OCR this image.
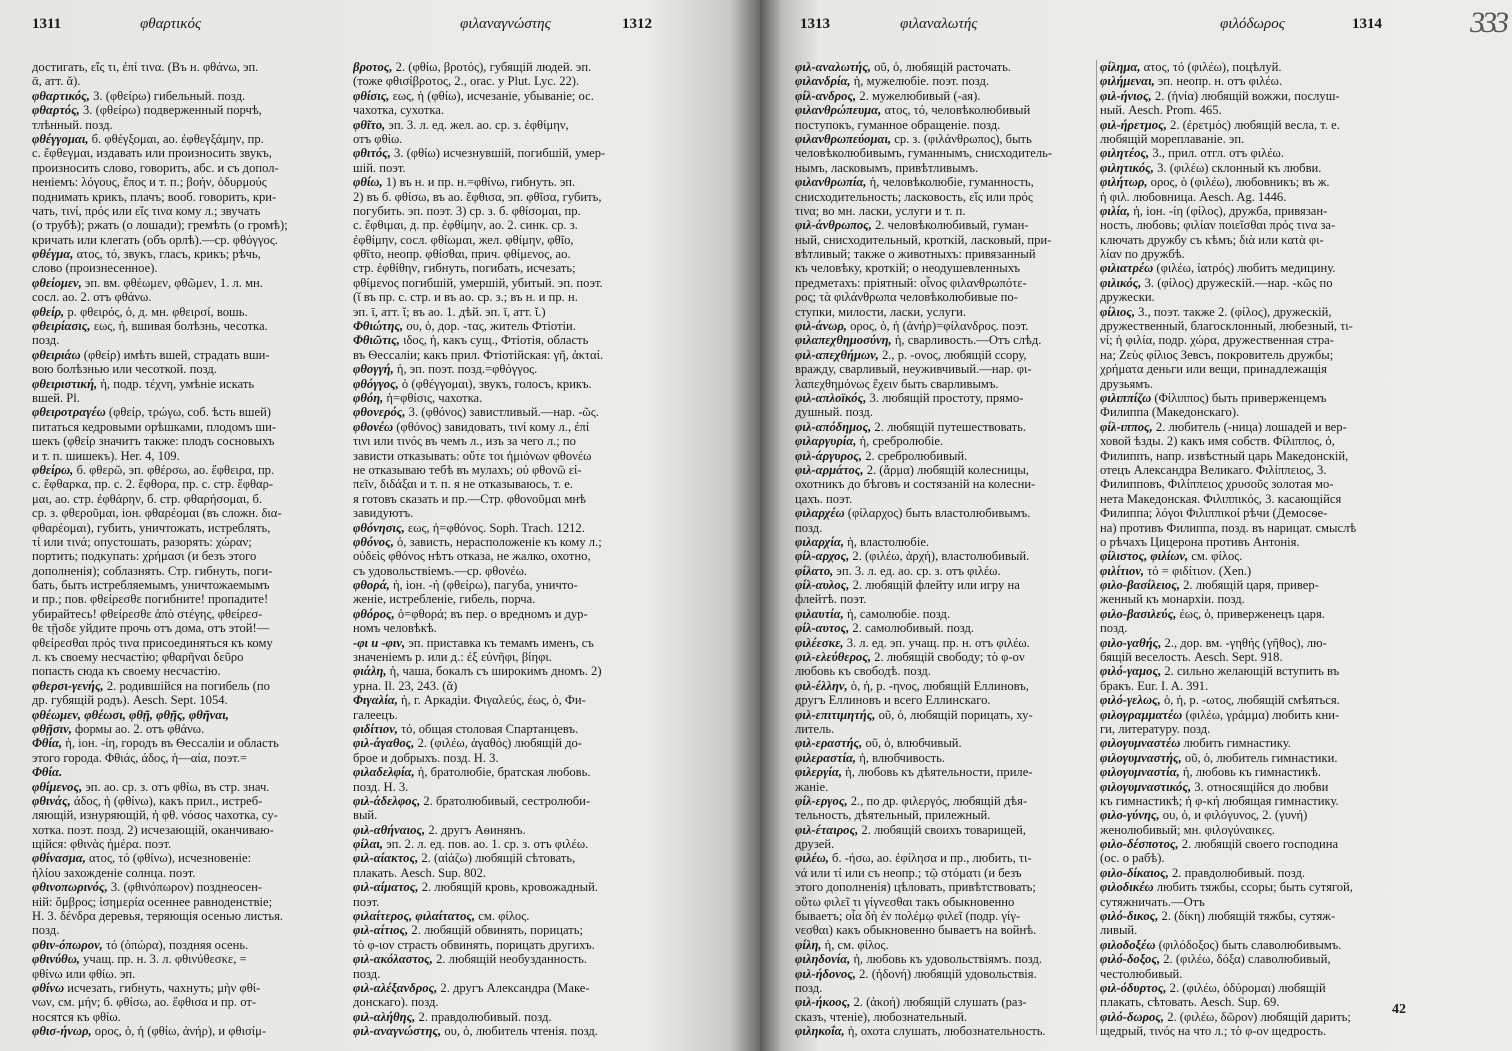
1311	φθαρτικός	φιλαναγνώστης	1312
достигать, εἴς τι, ἐπί τινα. (Въ н. φθάνω, эп.
ᾱ, атт. ᾰ).
φθαρτικός, 3. (φθείρω) гибельный. позд.
φθαρτός, 3. (φθείρω) подверженный порчѣ,
тлѣнный. позд.
φθέγγομαι, б. φθέγξομαι, ао. ἐφθεγξάμην, пр.
с. ἔφθεγμαι, издавать или произносить звукъ,
произносить слово, говорить, абс. и съ допол-
неніемъ: λόγους, ἔπος и т. п.; βοήν, ὀδυρμούς
поднимать крикъ, плачъ; вооб. говорить, кри-
чать, τινί, πρός или εἴς τινα кому л.; звучать
(о трубѣ); ржать (о лошади); гремѣть (о громѣ);
кричать или клегать (объ орлѣ).—ср. φθόγγος.
φθέγμα, ατος, τό, звукъ, гласъ, крикъ; рѣчь,
слово (произнесенное).
φθείομεν, эп. вм. φθέωμεν, φθῶμεν, 1. л. мн.
сосл. ао. 2. отъ φθάνω.
φθείρ, р. φθειρός, ὁ, д. мн. φθειρσί, вошь.
φθειρίασις, εως, ἡ, вшивая болѣзнь, чесотка.
позд.
φθειριάω (φθείρ) имѣть вшей, страдать вши-
вою болѣзнью или чесоткой. позд.
φθειριστική, ἡ, подр. τέχνη, умѣніе искать
вшей. Pl.
φθειροτραγέω (φθείρ, τρώγω, соб. ѣсть вшей)
питаться кедровыми орѣшками, плодомъ ши-
шекъ (φθείρ значитъ также: плодъ сосновыхъ
и т. п. шишекъ). Her. 4, 109.
φθείρω, б. φθερῶ, эп. φθέρσω, ао. ἔφθειρα, пр.
с. ἔφθαρκα, пр. с. 2. ἔφθορα, пр. с. стр. ἔφθαρ-
μαι, ао. стр. ἐφθάρην, б. стр. φθαρήσομαι, б.
ср. з. φθεροῦμαι, іон. φθαρέομαι (въ сложн. δια-
φθαρέομαι), губить, уничтожать, истреблять,
τί или τινά; опустошать, разорять: χώραν;
портить; подкупать: χρήμασι (и безъ этого
дополненія); соблазнять. Стр. гибнуть, поги-
бать, быть истребляемымъ, уничтожаемымъ
и пр.; пов. φθείρεσθε погибните! пропадите!
убирайтесь! φθείρεσθε ἀπὸ στέγης, φθείρεσ-
θε τῇσδε уйдите прочь отъ дома, отъ этой!—
φθείρεσθαι πρός τινα присоединяться къ кому
л. къ своему несчастію; φθαρῆναι δεῦρο
попасть сюда къ своему несчастію.
φθερσι-γενής, 2. родившійся на погибель (по
др. губящій родъ). Aesch. Sept. 1054.
φθέωμεν, φθέωσι, φθῇ, φθῇς, φθῆναι,
φθῇσιν, формы ао. 2. отъ φθάνω.
Φθία, ἡ, іон. -ίη, городъ въ Ѳессаліи и область
этого города. Φθιάς, άδος, ἡ—αία, поэт.=
Φθία.
φθίμενος, эп. ао. ср. з. отъ φθίω, въ стр. знач.
φθινάς, άδος, ἡ (φθίνω), какъ прил., истреб-
ляющій, изнуряющій, ἡ φθ. νόσος чахотка, су-
хотка. поэт. позд. 2) исчезающій, оканчиваю-
щійся: φθινὰς ἡμέρα. поэт.
φθίνασμα, ατος, τό (φθίνω), исчезновеніе:
ἡλίου захожденіе солнца. поэт.
φθινοπωρινός, 3. (φθινόπωρον) позднеосен-
ній: ὄμβρος; ἰσημερία осеннее равноденствіе;
Н. 3. δένδρα деревья, теряющія осенью листья.
позд.
φθιν-όπωρον, τό (ὀπώρα), поздняя осень.
φθινύθω, учащ. пр. н. 3. л. φθινύθεσκε, =
φθίνω или φθίω. эп.
φθίνω исчезать, гибнуть, чахнуть; μὴν φθί-
νων, см. μήν; б. φθίσω, ао. ἔφθισα и пр. от-
носятся къ φθίω.
φθισ-ήνωρ, ορος, ὁ, ἡ (φθίω, ἀνήρ), и φθισίμ-
βροτος, 2. (φθίω, βροτός), губящій людей. эп.
(тоже φθισίβροτος, 2., orac. у Plut. Lyc. 22).
φθίσις, εως, ἡ (φθίω), исчезаніе, убываніе; ос.
чахотка, сухотка.
φθῖτο, эп. 3. л. ед. жел. ао. ср. з. ἐφθίμην,
отъ φθίω.
φθιτός, 3. (φθίω) исчезнувшій, погибшій, умер-
шій. поэт.
φθίω, 1) въ н. и пр. н.=φθίνω, гибнуть. эп.
2) въ б. φθίσω, въ ао. ἔφθισα, эп. φθῖσα, губить,
погубить. эп. поэт. 3) ср. з. б. φθίσομαι, пр.
с. ἔφθιμαι, д. пр. ἐφθίμην, ао. 2. синк. ср. з.
ἐφθίμην, сосл. φθίωμαι, жел. φθίμην, φθῖο,
φθῖτο, неопр. φθίσθαι, прич. φθίμενος, ао.
стр. ἐφθίθην, гибнуть, погибать, исчезать;
φθίμενος погибшій, умершій, убитый. эп. поэт.
(ῐ въ пр. с. стр. и въ ао. ср. з.; въ н. и пр. н.
эп. ῑ, атт. ῐ; въ ао. 1. дѣй. эп. ῑ, атт. ῐ.)
Φθιώτης, ου, ὁ, дор. -τας, житель Фтіотіи.
Φθιῶτις, ιδος, ἡ, какъ сущ., Фтіотія, область
въ Ѳессаліи; какъ прил. Фтіотійская: γῆ, ἀκταί.
φθογγή, ἡ, эп. поэт. позд.=φθόγγος.
φθόγγος, ὁ (φθέγγομαι), звукъ, голосъ, крикъ.
φθόη, ἡ=φθίσις, чахотка.
φθονερός, 3. (φθόνος) завистливый.—нар. -ῶς.
φθονέω (φθόνος) завидовать, τινί кому л., ἐπί
τινι или τινός въ чемъ л., изъ за чего л.; по
зависти отказывать: οὔτε τοι ἡμιόνων φθονέω
не отказываю тебѣ въ мулахъ; οὐ φθονῶ εἰ-
πεῖν, διδάξαι и т. п. я не отказываюсь, т. е.
я готовъ сказать и пр.—Стр. φθονοῦμαι мнѣ
завидуютъ.
φθόνησις, εως, ἡ=φθόνος. Soph. Trach. 1212.
φθόνος, ὁ, зависть, нерасположеніе къ кому л.;
οὐδεὶς φθόνος нѣтъ отказа, не жалко, охотно,
съ удовольствіемъ.—ср. φθονέω.
φθορά, ἡ, іон. -ή (φθείρω), пагуба, уничто-
женіе, истребленіе, гибель, порча.
φθόρος, ὁ=φθορά; въ пер. о вредномъ и дур-
номъ человѣкѣ.
-φι и -φιν, эп. приставка къ темамъ именъ, съ
значеніемъ р. или д.: ἐξ εὐνῆφι, βίηφι.
φιάλη, ἡ, чаша, бокалъ съ широкимъ дномъ. 2)
урна. Il. 23, 243. (ᾰ)
Φιγαλία, ἡ, г. Аркадіи. Φιγαλεύς, έως, ὁ, Фи-
галеецъ.
φιδίτιον, τό, общая столовая Спартанцевъ.
φιλ-άγαθος, 2. (φιλέω, ἀγαθός) любящій до-
брое и добрыхъ. позд. Н. 3.
φιλαδελφία, ἡ, братолюбіе, братская любовь.
позд. Н. 3.
φιλ-άδελφος, 2. братолюбивый, сестролюби-
вый.
φιλ-αθήναιος, 2. другъ Аѳинянъ.
φίλαι, эп. 2. л. ед. пов. ао. 1. ср. з. отъ φιλέω.
φιλ-αίακτος, 2. (αἰάζω) любящій сѣтовать,
плакать. Aesch. Sup. 802.
φιλ-αίματος, 2. любящій кровь, кровожадный.
поэт.
φιλαίτερος, φιλαίτατος, см. φίλος.
φιλ-αίτιος, 2. любящій обвинять, порицать;
τὸ φ-ιον страсть обвинять, порицать другихъ.
φιλ-ακόλαστος, 2. любящій необузданность.
позд.
φιλ-αλέξανδρος, 2. другъ Александра (Маке-
донскаго). позд.
φιλ-αλήθης, 2. правдолюбивый. позд.
φιλ-αναγνώστης, ου, ὁ, любитель чтенія. позд.
1313	φιλαναλωτής	φιλόδωρος	1314
φιλ-αναλωτής, οῦ, ὁ, любящій расточать.
φιλανδρία, ἡ, мужелюбіе. поэт. позд.
φίλ-ανδρος, 2. мужелюбивый (-ая).
φιλανθρώπευμα, ατος, τό, человѣколюбивый
поступокъ, гуманное обращеніе. позд.
φιλανθρωπεύομαι, ср. з. (φιλάνθρωπος), быть
человѣколюбивымъ, гуманнымъ, снисходитель-
нымъ, ласковымъ, привѣтливымъ.
φιλανθρωπία, ἡ, человѣколюбіе, гуманность,
снисходительность; ласковость, εἴς или πρός
τινα; во мн. ласки, услуги и т. п.
φιλ-άνθρωπος, 2. человѣколюбивый, гуман-
ный, снисходительный, кроткій, ласковый, при-
вѣтливый; также о животныхъ: привязанный
къ человѣку, кроткій; о неодушевленныхъ
предметахъ: пріятный: οἶνος φιλανθρωπότε-
ρος; τὰ φιλάνθρωπα человѣколюбивые по-
ступки, милости, ласки, услуги.
φιλ-άνωρ, ορος, ὁ, ἡ (ἀνήρ)=φίλανδρος. поэт.
φιλαπεχθημοσύνη, ἡ, сварливость.—Отъ слѣд.
φιλ-απεχθήμων, 2., р. -ονος, любящій ссору,
вражду, сварливый, неуживчивый.—нар. φι-
λαπεχθημόνως ἔχειν быть сварливымъ.
φιλ-απλοϊκός, 3. любящій простоту, прямо-
душный. позд.
φιλ-απόδημος, 2. любящій путешествовать.
φιλαργυρία, ἡ, сребролюбіе.
φιλ-άργυρος, 2. сребролюбивый.
φιλ-αρμάτος, 2. (ἅρμα) любящій колесницы,
охотникъ до бѣговъ и состязаній на колесни-
цахъ. поэт.
φιλαρχέω (φίλαρχος) быть властолюбивымъ.
позд.
φιλαρχία, ἡ, властолюбіе.
φίλ-αρχος, 2. (φιλέω, ἀρχή), властолюбивый.
φίλατο, эп. 3. л. ед. ао. ср. з. отъ φιλέω.
φίλ-αυλος, 2. любящій флейту или игру на
флейтѣ. поэт.
φιλαυτία, ἡ, самолюбіе. позд.
φίλ-αυτος, 2. самолюбивый. позд.
φιλέεσκε, 3. л. ед. эп. учащ. пр. н. отъ φιλέω.
φιλ-ελεύθερος, 2. любящій свободу; τὸ φ-ον
любовь къ свободѣ. позд.
φιλ-έλλην, ὁ, ἡ, р. -ηνος, любящій Еллиновъ,
другъ Еллиновъ и всего Еллинскаго.
φιλ-επιτιμητής, οῦ, ὁ, любящій порицать, ху-
литель.
φιλ-εραστής, οῦ, ὁ, влюбчивый.
φιλεραστία, ἡ, влюбчивость.
φιλεργία, ἡ, любовь къ дѣятельности, приле-
жаніе.
φίλ-εργος, 2., по др. φιλεργός, любящій дѣя-
тельность, дѣятельный, прилежный.
φιλ-έταιρος, 2. любящій своихъ товарищей,
друзей.
φιλέω, б. -ήσω, ао. ἐφίλησα и пр., любить, τι-
νά или τί или съ неопр.; τῷ στόματι (и безъ
этого дополненія) цѣловать, привѣтствовать;
οὕτω φιλεῖ τι γίγνεσθαι такъ обыкновенно
бываетъ; οἷα δὴ ἐν πολέμῳ φιλεῖ (подр. γίγ-
νεσθαι) какъ обыкновенно бываетъ на войнѣ.
φίλη, ἡ, см. φίλος.
φιληδονία, ἡ, любовь къ удовольствіямъ. позд.
φιλ-ήδονος, 2. (ἡδονή) любящій удовольствія.
позд.
φιλ-ήκοος, 2. (ἀκοή) любящій слушать (раз-
сказъ, чтеніе), любознательный.
φιληκοΐα, ἡ, охота слушать, любознательность.
φίλημα, ατος, τό (φιλέω), поцѣлуй.
φιλήμεναι, эп. неопр. н. отъ φιλέω.
φιλ-ήνιος, 2. (ἡνία) любящій вожжи, послуш-
ный. Aesch. Prom. 465.
φιλ-ήρετμος, 2. (ἐρετμός) любящій весла, т. е.
любящій мореплаваніе. эп.
φιλητέος, 3., прил. отгл. отъ φιλέω.
φιλητικός, 3. (φιλέω) склонный къ любви.
φιλήτωρ, ορος, ὁ (φιλέω), любовникъ; въ ж.
ἡ φιλ. любовница. Aesch. Ag. 1446.
φιλία, ἡ, іон. -ίη (φίλος), дружба, привязан-
ность, любовь; φιλίαν ποιεῖσθαι πρός τινα за-
ключать дружбу съ кѣмъ; διὰ или κατὰ φι-
λίαν по дружбѣ.
φιλιατρέω (φιλέω, ἰατρός) любить медицину.
φιλικός, 3. (φίλος) дружескій.—нар. -κῶς по
дружески.
φίλιος, 3., поэт. также 2. (φίλος), дружескій,
дружественный, благосклонный, любезный, τι-
νί; ἡ φιλία, подр. χώρα, дружественная стра-
на; Ζεὺς φίλιος Зевсъ, покровитель дружбы;
χρήματα деньги или вещи, принадлежащія
друзьямъ.
φιλιππίζω (Φίλιππος) быть приверженцемъ
Филиппа (Македонскаго).
φίλ-ιππος, 2. любитель (-ница) лошадей и вер-
ховой ѣзды. 2) какъ имя собств. Φίλιππος, ὁ,
Филиппъ, напр. извѣстный царь Македонскій,
отецъ Александра Великаго. Φιλίππειος, 3.
Филипповъ, Φιλίππειος χρυσοῦς золотая мо-
нета Македонская. Φιλιππικός, 3. касающійся
Филиппа; λόγοι Φιλιππικοί рѣчи (Демосѳе-
на) противъ Филиппа, позд. въ нарицат. смыслѣ
о рѣчахъ Цицерона противъ Антонія.
φίλιστος, φιλίων, см. φίλος.
φιλίτιον, τό = φιδίτιον. (Xen.)
φιλο-βασίλειος, 2. любящій царя, привер-
женный къ монархіи. позд.
φιλο-βασιλεύς, έως, ὁ, приверженецъ царя.
позд.
φιλο-γαθής, 2., дор. вм. -γηθής (γῆθος), лю-
бящій веселость. Aesch. Sept. 918.
φιλό-γαμος, 2. сильно желающій вступить въ
бракъ. Eur. I. A. 391.
φιλό-γελως, ὁ, ἡ, р. -ωτος, любящій смѣяться.
φιλογραμματέω (φιλέω, γράμμα) любить кни-
ги, литературу. позд.
φιλογυμναστέω любить гимнастику.
φιλογυμναστής, οῦ, ὁ, любитель гимнастики.
φιλογυμναστία, ἡ, любовь къ гимнастикѣ.
φιλογυμναστικός, 3. относящійся до любви
къ гимнастикѣ; ἡ φ-κή любящая гимнастику.
φιλο-γύνης, ου, ὁ, и φιλόγυνος, 2. (γυνή)
женолюбивый; мн. φιλογύναικες.
φιλο-δέσποτος, 2. любящій своего господина
(ос. о рабѣ).
φιλο-δίκαιος, 2. правдолюбивый. позд.
φιλοδικέω любить тяжбы, ссоры; быть сутягой,
сутяжничать.—Отъ
φιλό-δικος, 2. (δίκη) любящій тяжбы, сутяж-
ливый.
φιλοδοξέω (φιλόδοξος) быть славолюбивымъ.
φιλό-δοξος, 2. (φιλέω, δόξα) славолюбивый,
честолюбивый.
φιλ-όδυρτος, 2. (φιλέω, ὀδύρομαι) любящій
плакать, сѣтовать. Aesch. Sup. 69.
φιλό-δωρος, 2. (φιλέω, δῶρον) любящій дарить;
щедрый, τινός на что л.; τὸ φ-ον щедрость.
333
42
